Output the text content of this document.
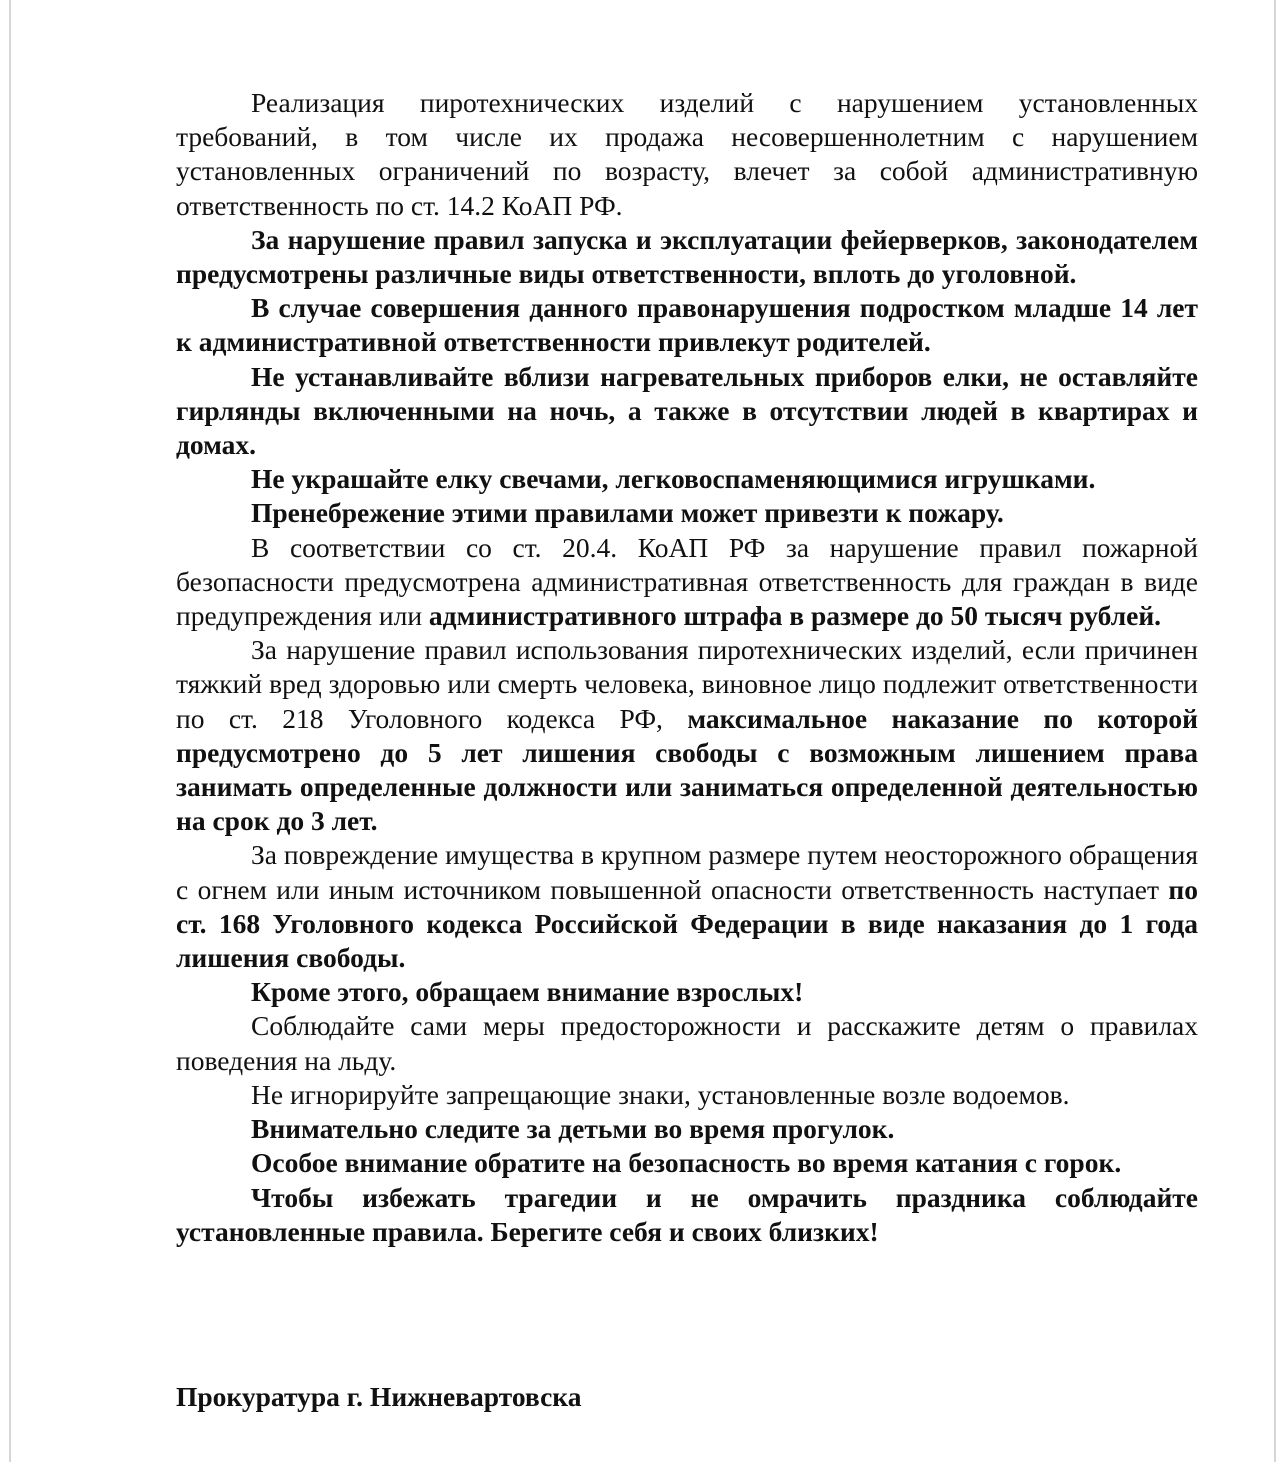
Реализация пиротехнических изделий с нарушением установленных требований, в том числе их продажа несовершеннолетним с нарушением установленных ограничений по возрасту, влечет за собой административную ответственность по ст. 14.2 КоАП РФ.

За нарушение правил запуска и эксплуатации фейерверков, законодателем предусмотрены различные виды ответственности, вплоть до уголовной.

В случае совершения данного правонарушения подростком младше 14 лет к административной ответственности привлекут родителей.

Не устанавливайте вблизи нагревательных приборов елки, не оставляйте гирлянды включенными на ночь, а также в отсутствии людей в квартирах и домах.

Не украшайте елку свечами, легковоспаменяющимися игрушками.

Пренебрежение этими правилами может привезти к пожару.

В соответствии со ст. 20.4. КоАП РФ за нарушение правил пожарной безопасности предусмотрена административная ответственность для граждан в виде предупреждения или административного штрафа в размере до 50 тысяч рублей.

За нарушение правил использования пиротехнических изделий, если причинен тяжкий вред здоровью или смерть человека, виновное лицо подлежит ответственности по ст. 218 Уголовного кодекса РФ, максимальное наказание по которой предусмотрено до 5 лет лишения свободы с возможным лишением права занимать определенные должности или заниматься определенной деятельностью на срок до 3 лет.

За повреждение имущества в крупном размере путем неосторожного обращения с огнем или иным источником повышенной опасности ответственность наступает по ст. 168 Уголовного кодекса Российской Федерации в виде наказания до 1 года лишения свободы.

Кроме этого, обращаем внимание взрослых!

Соблюдайте сами меры предосторожности и расскажите детям о правилах поведения на льду.

Не игнорируйте запрещающие знаки, установленные возле водоемов.

Внимательно следите за детьми во время прогулок.

Особое внимание обратите на безопасность во время катания с горок.

Чтобы избежать трагедии и не омрачить праздника соблюдайте установленные правила. Берегите себя и своих близких!

Прокуратура г. Нижневартовска
